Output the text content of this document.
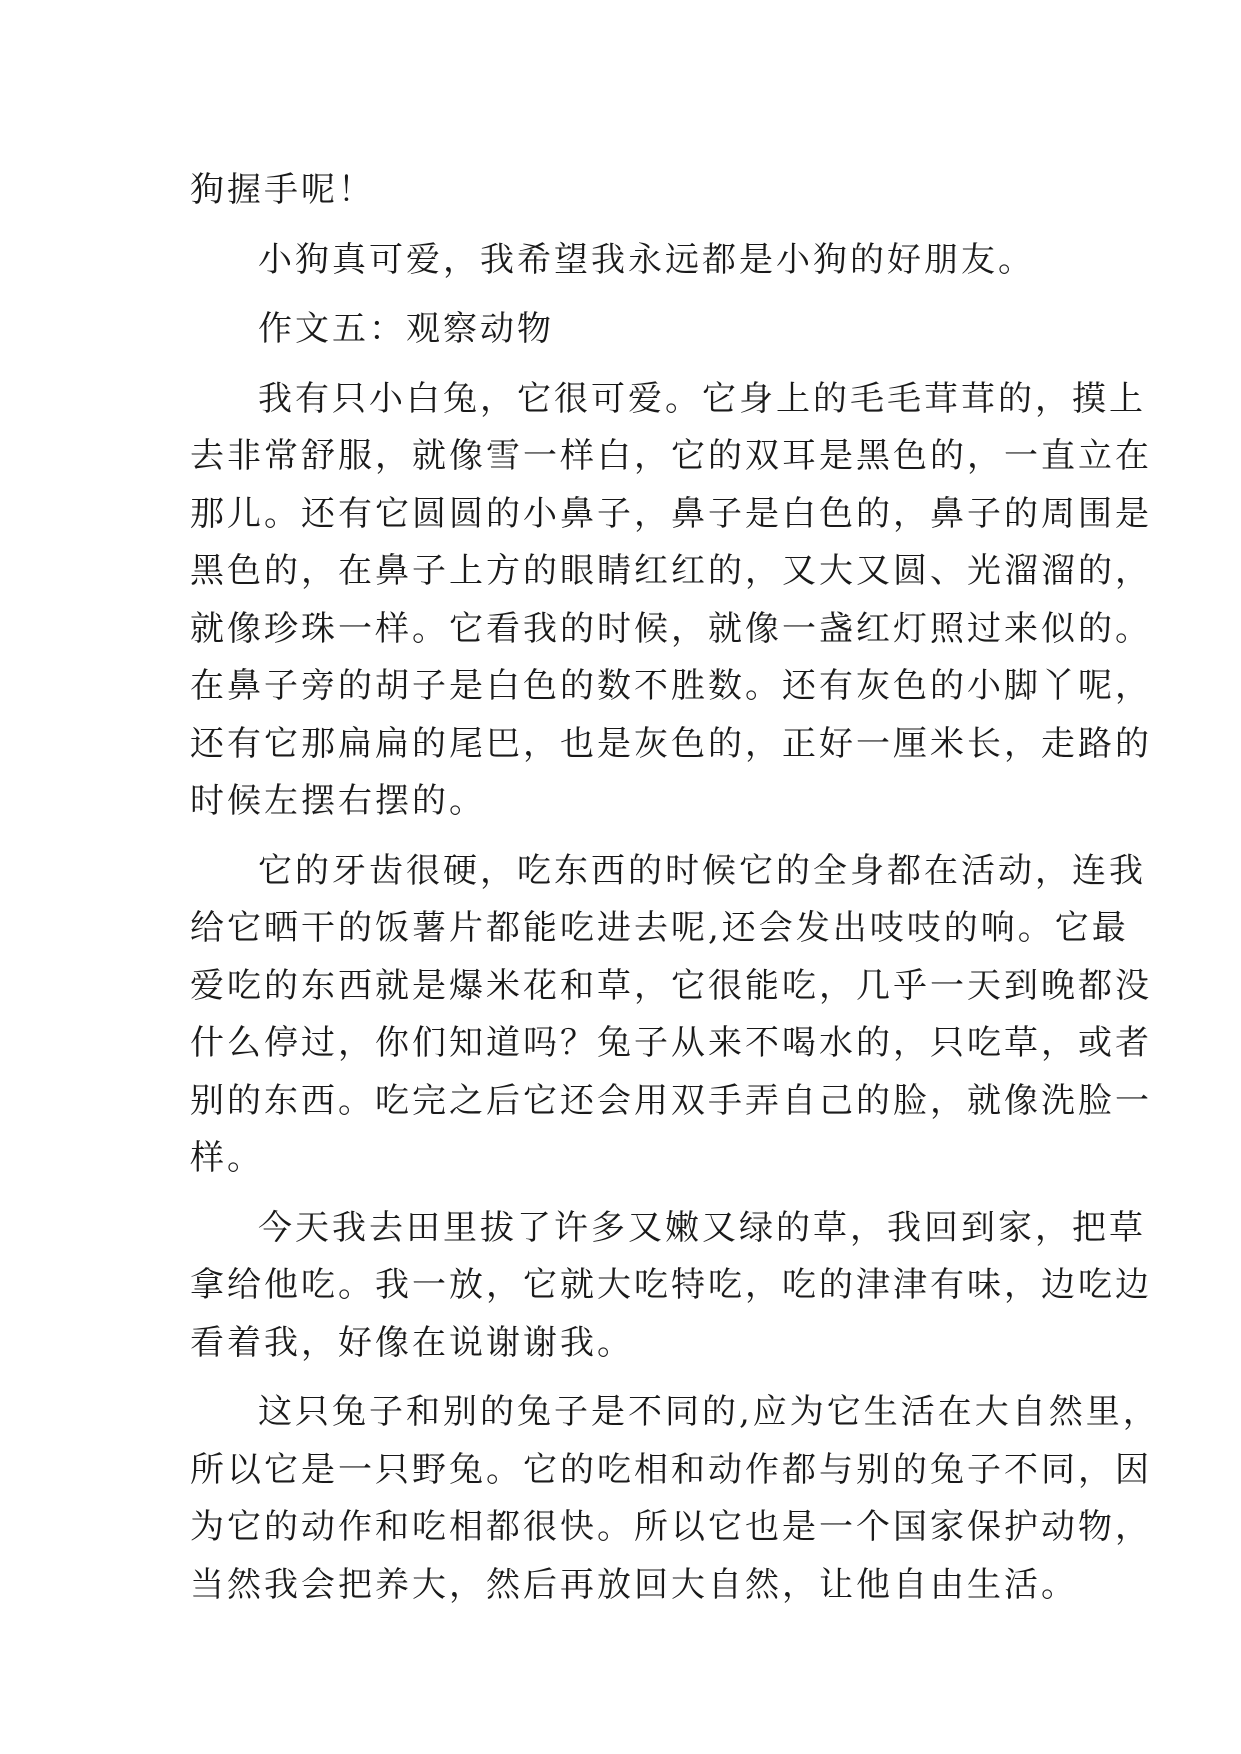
狗握手呢！
小狗真可爱，我希望我永远都是小狗的好朋友。
作文五：观察动物
我有只小白兔，它很可爱。它身上的毛毛茸茸的，摸上
去非常舒服，就像雪一样白，它的双耳是黑色的，一直立在
那儿。还有它圆圆的小鼻子，鼻子是白色的，鼻子的周围是
黑色的，在鼻子上方的眼睛红红的，又大又圆、光溜溜的，
就像珍珠一样。它看我的时候，就像一盏红灯照过来似的。
在鼻子旁的胡子是白色的数不胜数。还有灰色的小脚丫呢，
还有它那扁扁的尾巴，也是灰色的，正好一厘米长，走路的
时候左摆右摆的。
它的牙齿很硬，吃东西的时候它的全身都在活动，连我
给它晒干的饭薯片都能吃进去呢,还会发出吱吱的响。它最
爱吃的东西就是爆米花和草，它很能吃，几乎一天到晚都没
什么停过，你们知道吗？兔子从来不喝水的，只吃草，或者
别的东西。吃完之后它还会用双手弄自己的脸，就像洗脸一
样。
今天我去田里拔了许多又嫩又绿的草，我回到家，把草
拿给他吃。我一放，它就大吃特吃，吃的津津有味，边吃边
看着我，好像在说谢谢我。
这只兔子和别的兔子是不同的,应为它生活在大自然里，
所以它是一只野兔。它的吃相和动作都与别的兔子不同，因
为它的动作和吃相都很快。所以它也是一个国家保护动物，
当然我会把养大，然后再放回大自然，让他自由生活。
